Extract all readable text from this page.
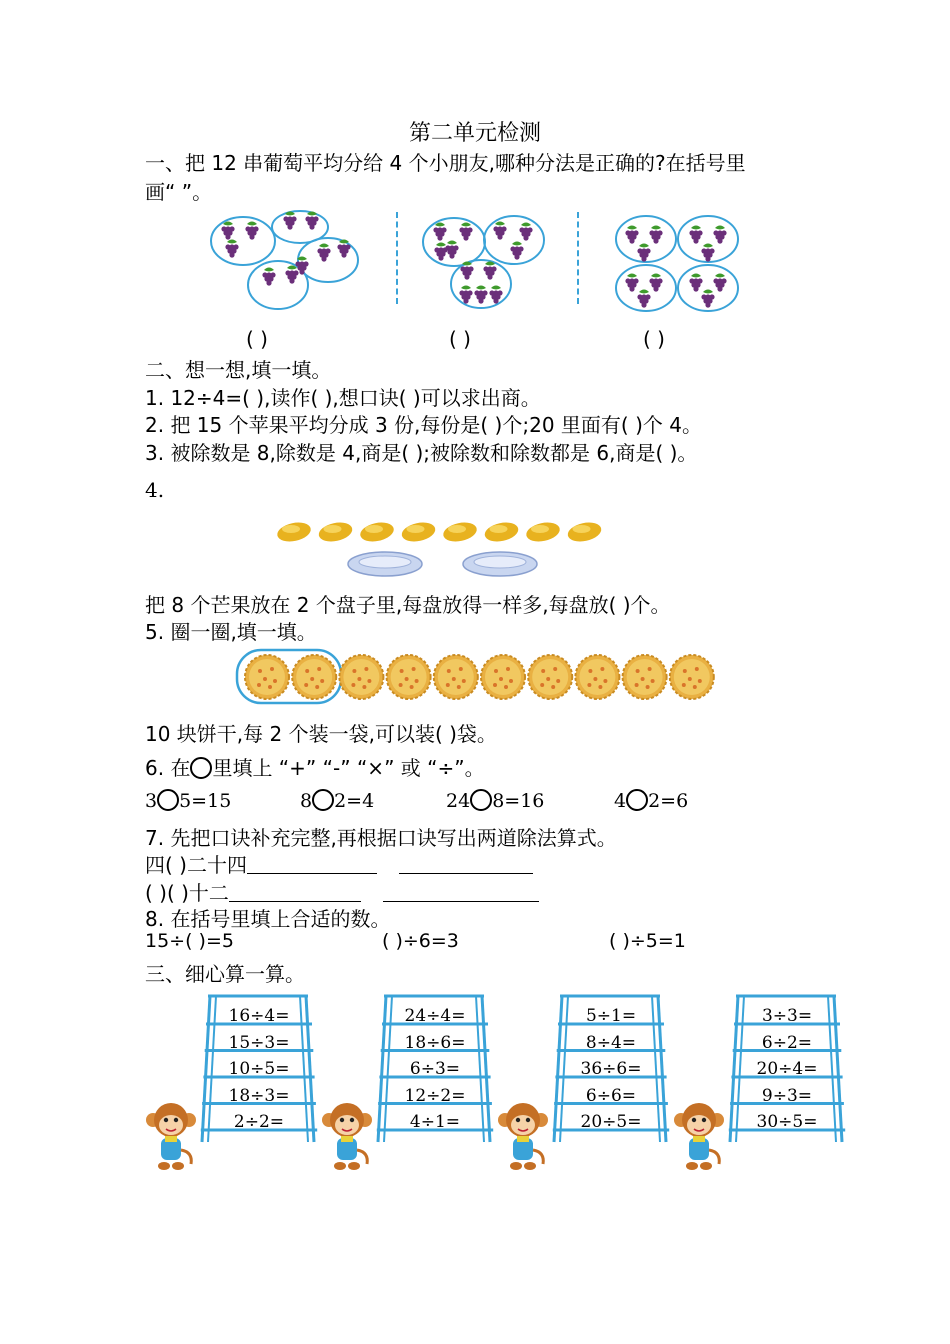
第二单元检测
一、把 12 串葡萄平均分给 4 个小朋友,哪种分法是正确的?在括号里
画“ ”。
( )	( )	( )
二、想一想,填一填。
1. 12÷4=( ),读作( ),想口诀( )可以求出商。
2. 把 15 个苹果平均分成 3 份,每份是( )个;20 里面有( )个 4。
3. 被除数是 8,除数是 4,商是( );被除数和除数都是 6,商是( )。
4.
把 8 个芒果放在 2 个盘子里,每盘放得一样多,每盘放( )个。
5. 圈一圈,填一填。
10 块饼干,每 2 个装一袋,可以装( )袋。
6. 在 里填上 “+” “-” “×” 或 “÷”。
3 5=15	8 2=4	24 8=16	4 2=6
7. 先把口诀补充完整,再根据口诀写出两道除法算式。
四( )二十四
( )( )十二
8. 在括号里填上合适的数。
15÷( )=5	( )÷6=3	( )÷5=1
三、细心算一算。
16÷4=
15÷3=
10÷5=
18÷3=
2÷2=
24÷4=
18÷6=
6÷3=
12÷2=
4÷1=
5÷1=
8÷4=
36÷6=
6÷6=
20÷5=
3÷3=
6÷2=
20÷4=
9÷3=
30÷5=
